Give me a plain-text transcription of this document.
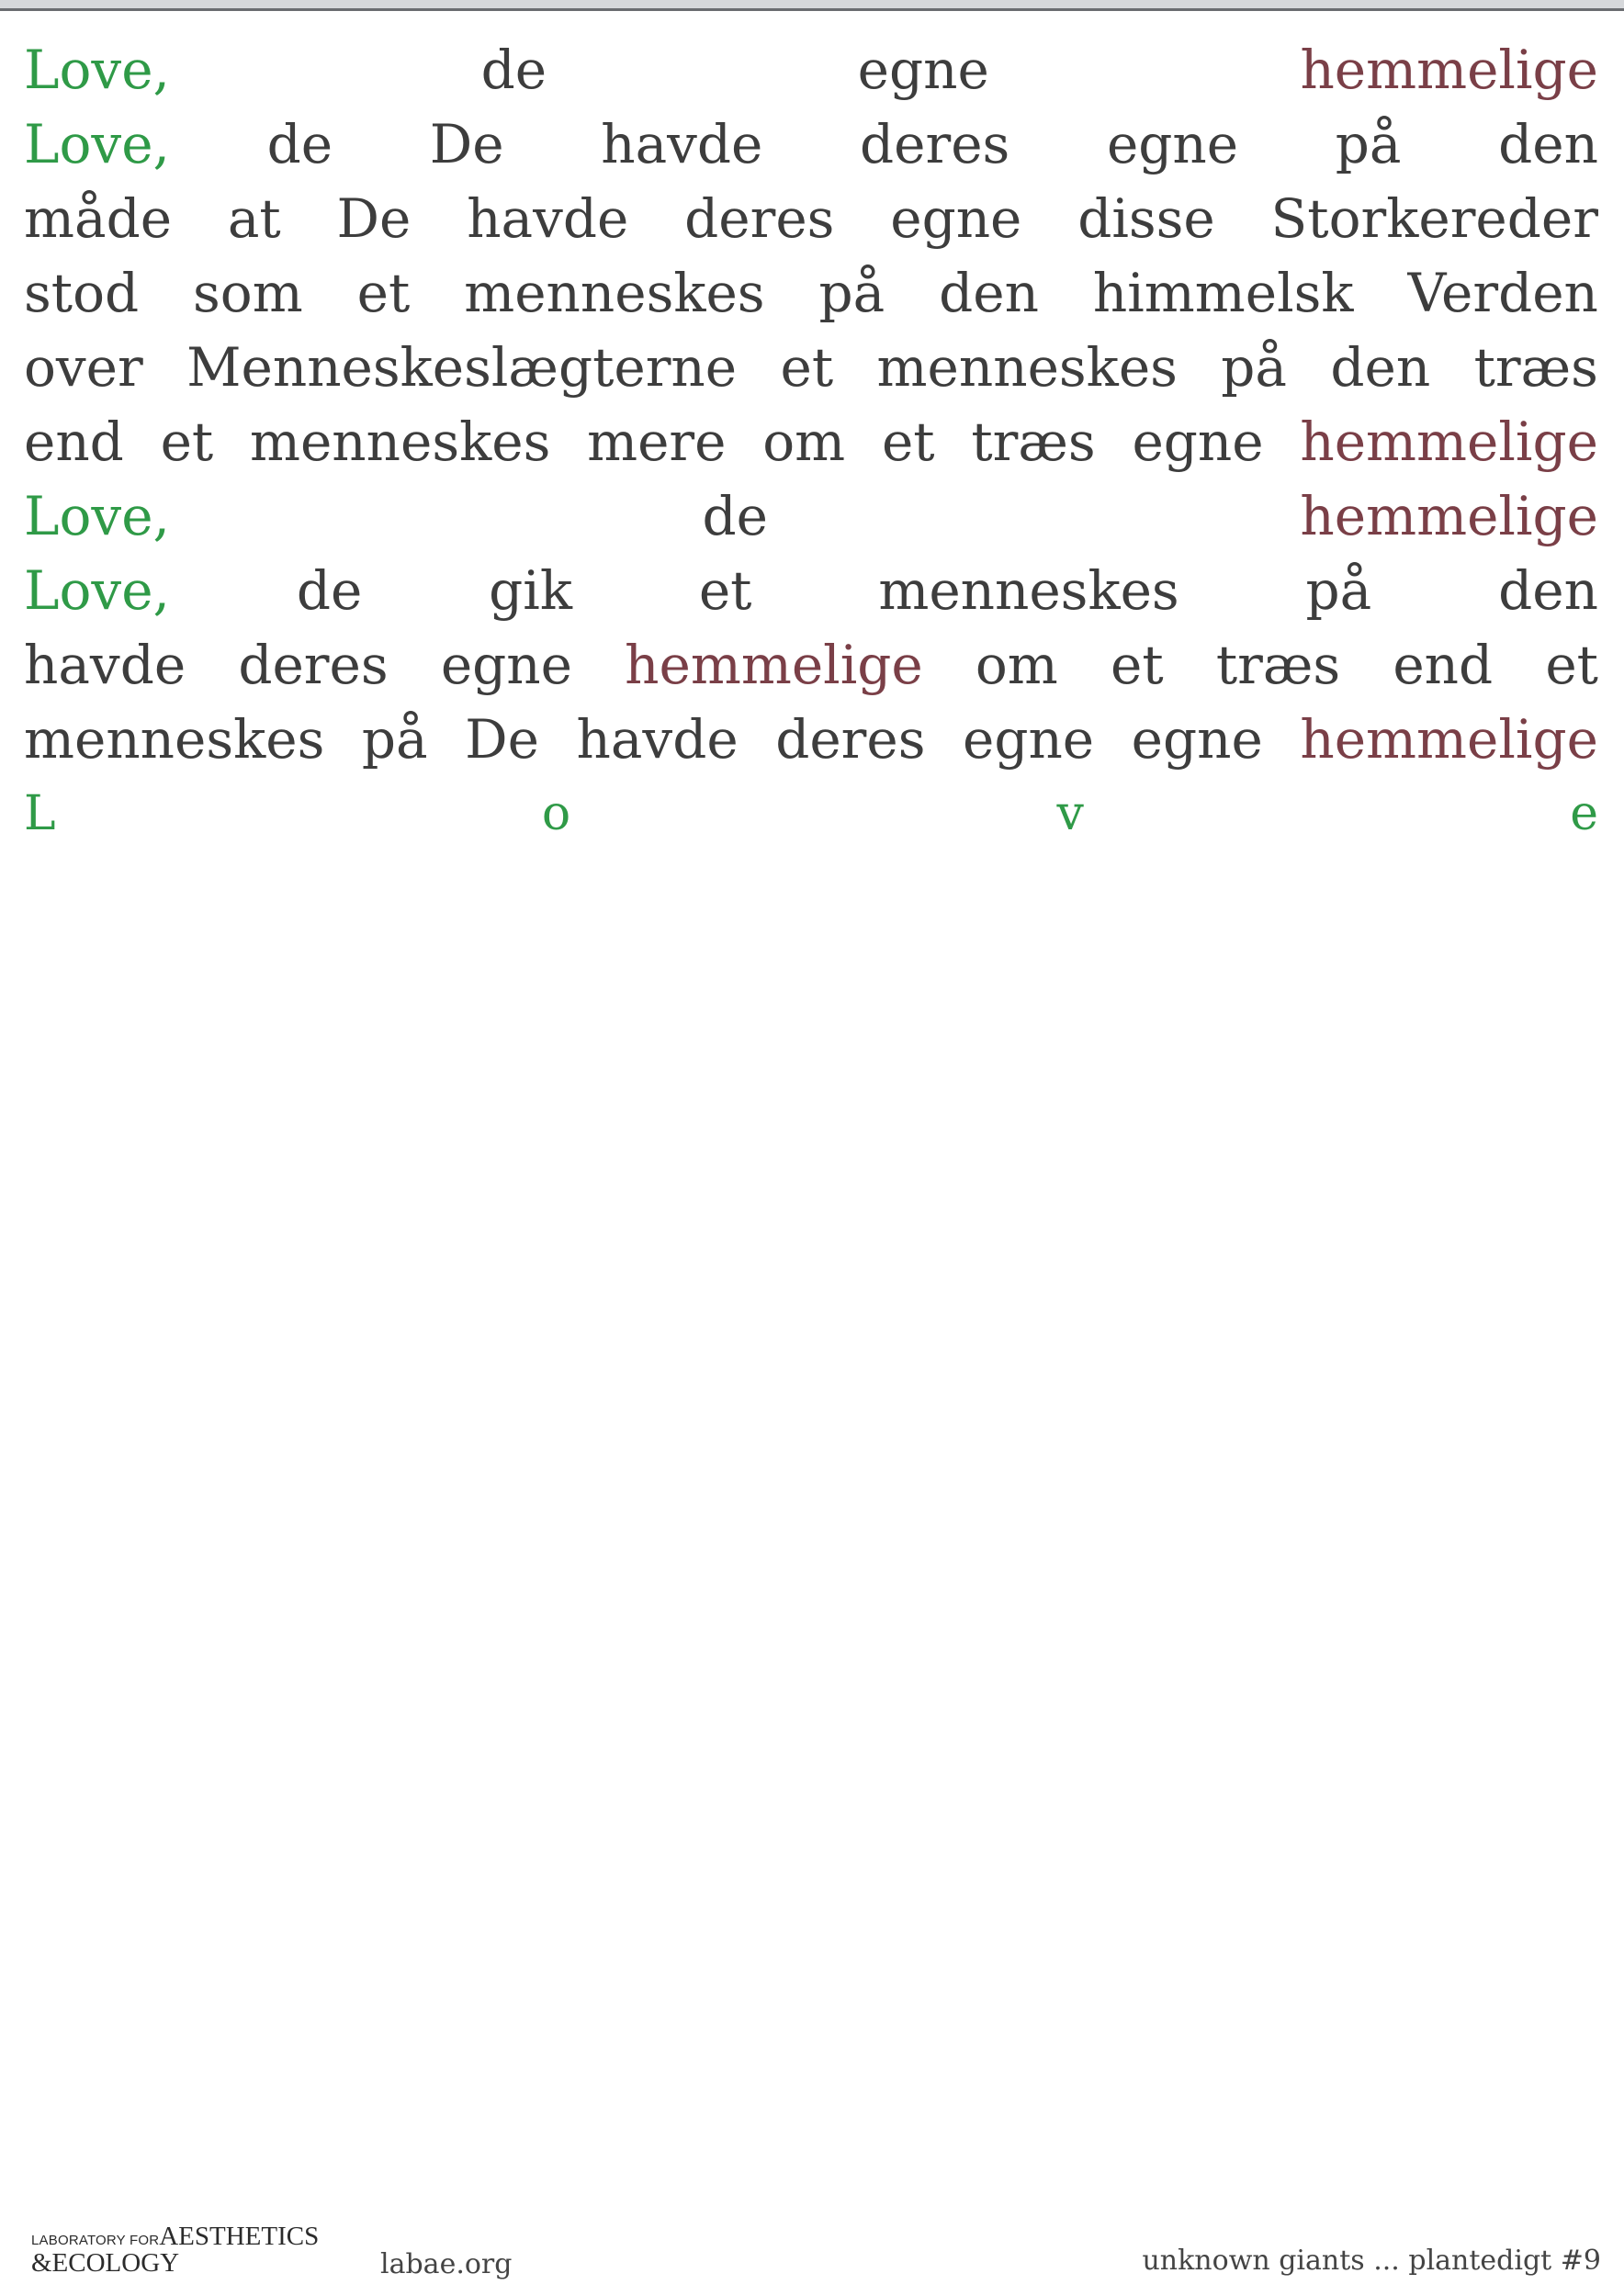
Love,	de	egne	hemmelige
Love, de De havde deres egne på den
måde at De havde deres egne disse Storkereder
stod som et menneskes på den himmelsk Verden
over Menneskeslægterne et menneskes på den træs
end et menneskes mere om et træs egne hemmelige
Love,	de	hemmelige
Love, de gik et menneskes på den
havde deres egne hemmelige om et træs end et
menneskes på De havde deres egne egne hemmelige
L	o	v	e
LABORATORY FORAESTHETICS
&ECOLOGY	labae.org	unknown giants ... plantedigt #9
